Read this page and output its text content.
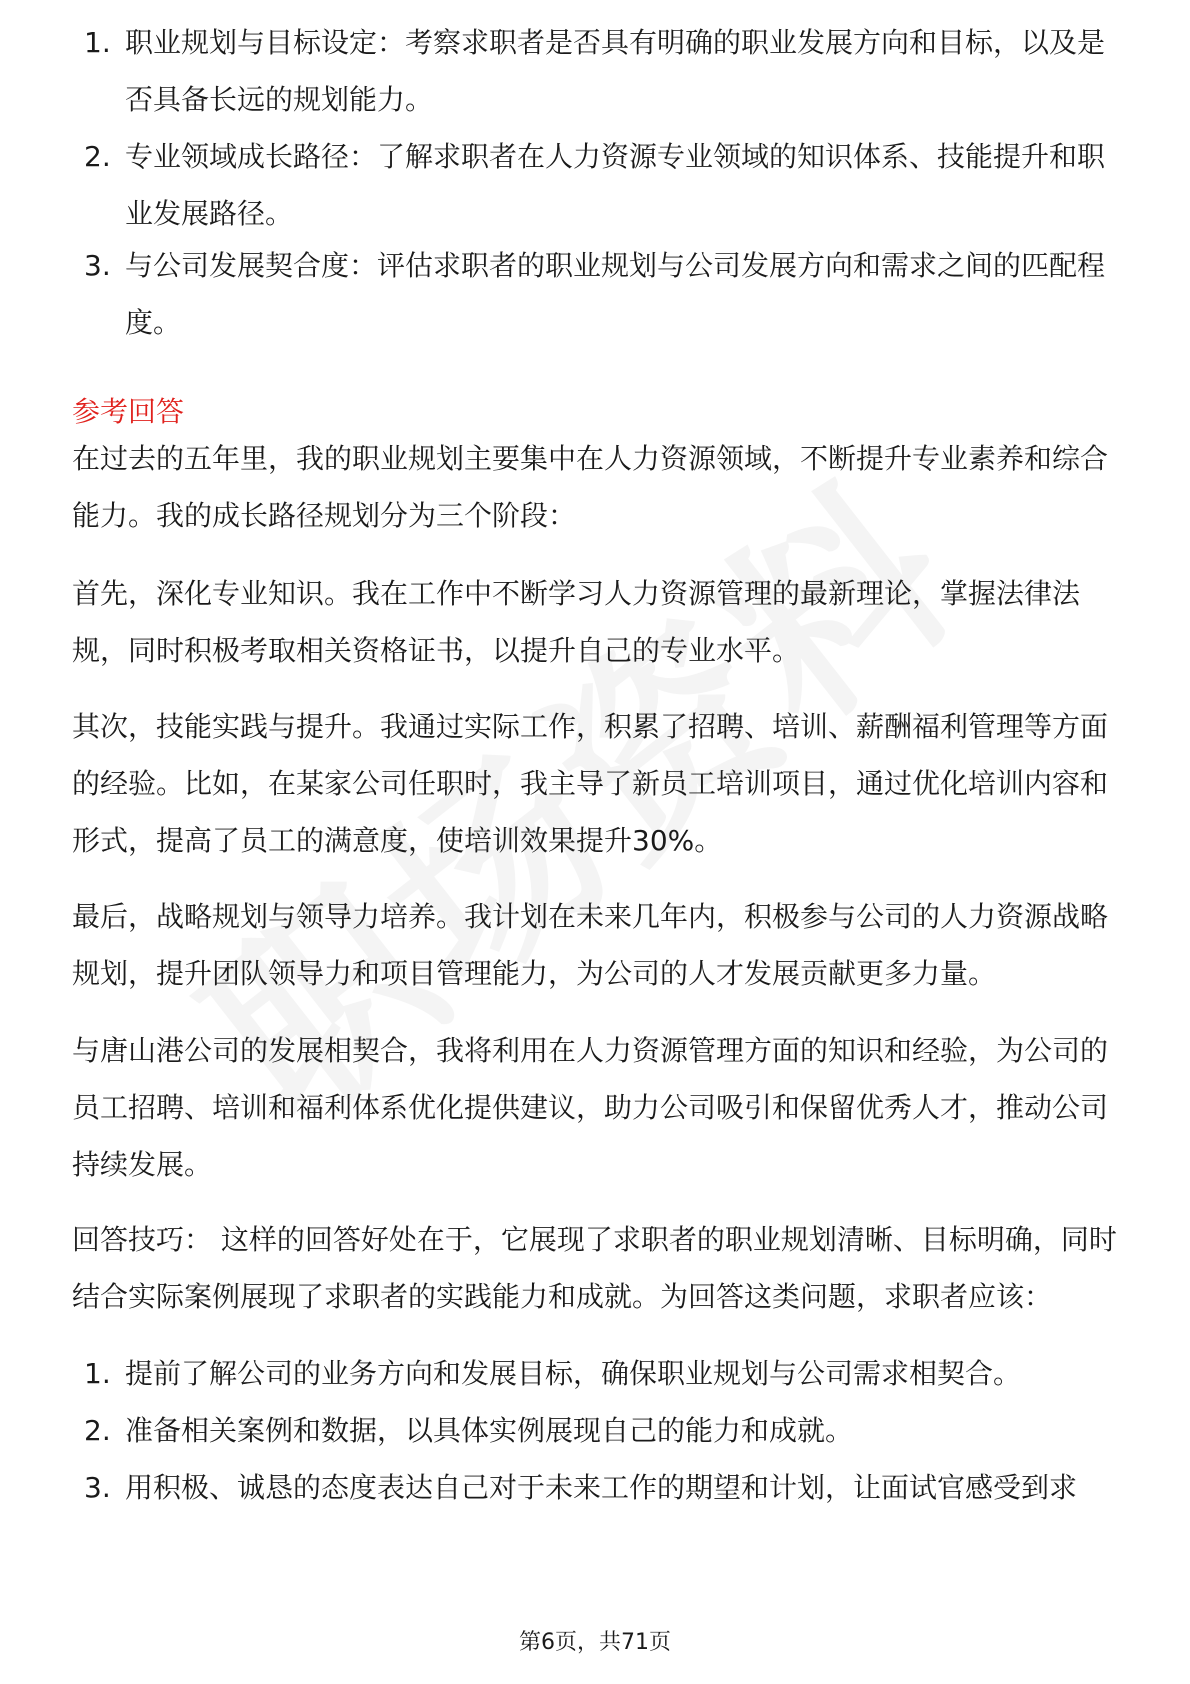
1. 职业规划与目标设定：考察求职者是否具有明确的职业发展方向和目标，以及是否具备长远的规划能力。
2. 专业领域成长路径：了解求职者在人力资源专业领域的知识体系、技能提升和职业发展路径。
3. 与公司发展契合度：评估求职者的职业规划与公司发展方向和需求之间的匹配程度。
参考回答
在过去的五年里，我的职业规划主要集中在人力资源领域，不断提升专业素养和综合能力。我的成长路径规划分为三个阶段：
首先，深化专业知识。我在工作中不断学习人力资源管理的最新理论，掌握法律法规，同时积极考取相关资格证书，以提升自己的专业水平。
其次，技能实践与提升。我通过实际工作，积累了招聘、培训、薪酬福利管理等方面的经验。比如，在某家公司任职时，我主导了新员工培训项目，通过优化培训内容和形式，提高了员工的满意度，使培训效果提升30%。
最后，战略规划与领导力培养。我计划在未来几年内，积极参与公司的人力资源战略规划，提升团队领导力和项目管理能力，为公司的人才发展贡献更多力量。
与唐山港公司的发展相契合，我将利用在人力资源管理方面的知识和经验，为公司的员工招聘、培训和福利体系优化提供建议，助力公司吸引和保留优秀人才，推动公司持续发展。
回答技巧： 这样的回答好处在于，它展现了求职者的职业规划清晰、目标明确，同时结合实际案例展现了求职者的实践能力和成就。为回答这类问题，求职者应该：
1. 提前了解公司的业务方向和发展目标，确保职业规划与公司需求相契合。
2. 准备相关案例和数据，以具体实例展现自己的能力和成就。
3. 用积极、诚恳的态度表达自己对于未来工作的期望和计划，让面试官感受到求
第6页，共71页
